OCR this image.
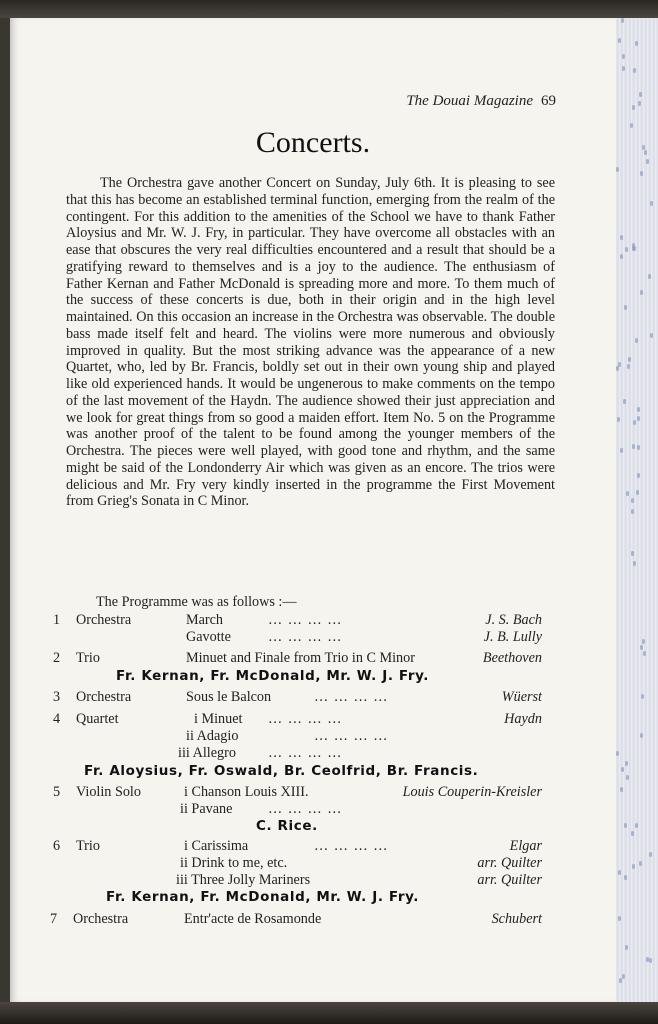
The Douai Magazine 69
Concerts.

The Orchestra gave another Concert on Sunday, July 6th. It is pleasing to see that this has become an established terminal function, emerging from the realm of the contingent. For this addition to the amenities of the School we have to thank Father Aloysius and Mr. W. J. Fry, in particular. They have overcome all obstacles with an ease that obscures the very real difficulties encountered and a result that should be a gratifying reward to themselves and is a joy to the audience. The enthusiasm of Father Kernan and Father McDonald is spreading more and more. To them much of the success of these concerts is due, both in their origin and in the high level maintained. On this occasion an increase in the Orchestra was observable. The double bass made itself felt and heard. The violins were more numerous and obviously improved in quality. But the most striking advance was the appearance of a new Quartet, who, led by Br. Francis, boldly set out in their own young ship and played like old experienced hands. It would be ungenerous to make comments on the tempo of the last movement of the Haydn. The audience showed their just appreciation and we look for great things from so good a maiden effort. Item No. 5 on the Programme was another proof of the talent to be found among the younger members of the Orchestra. The pieces were well played, with good tone and rhythm, and the same might be said of the Londonderry Air which was given as an encore. The trios were delicious and Mr. Fry very kindly inserted in the programme the First Movement from Grieg's Sonata in C Minor.

The Programme was as follows :—
1 Orchestra	March	… … … …	J. S. Bach
Gavotte	… … … …	J. B. Lully
2 Trio	Minuet and Finale from Trio in C Minor	Beethoven
Fr. Kernan, Fr. McDonald, Mr. W. J. Fry.
3 Orchestra	Sous le Balcon	… … … …	Wüerst
4 Quartet	i Minuet … … … …	Haydn
ii Adagio	… … … …
iii Allegro … … … …
Fr. Aloysius, Fr. Oswald, Br. Ceolfrid, Br. Francis.
5 Violin Solo	i Chanson Louis XIII.	Louis Couperin-Kreisler
ii Pavane	… … … …
C. Rice.
6 Trio	i Carissima	… … … …	Elgar
ii Drink to me, etc.	arr. Quilter
iii Three Jolly Mariners	arr. Quilter
Fr. Kernan, Fr. McDonald, Mr. W. J. Fry.
7 Orchestra	Entr'acte de Rosamonde	Schubert
